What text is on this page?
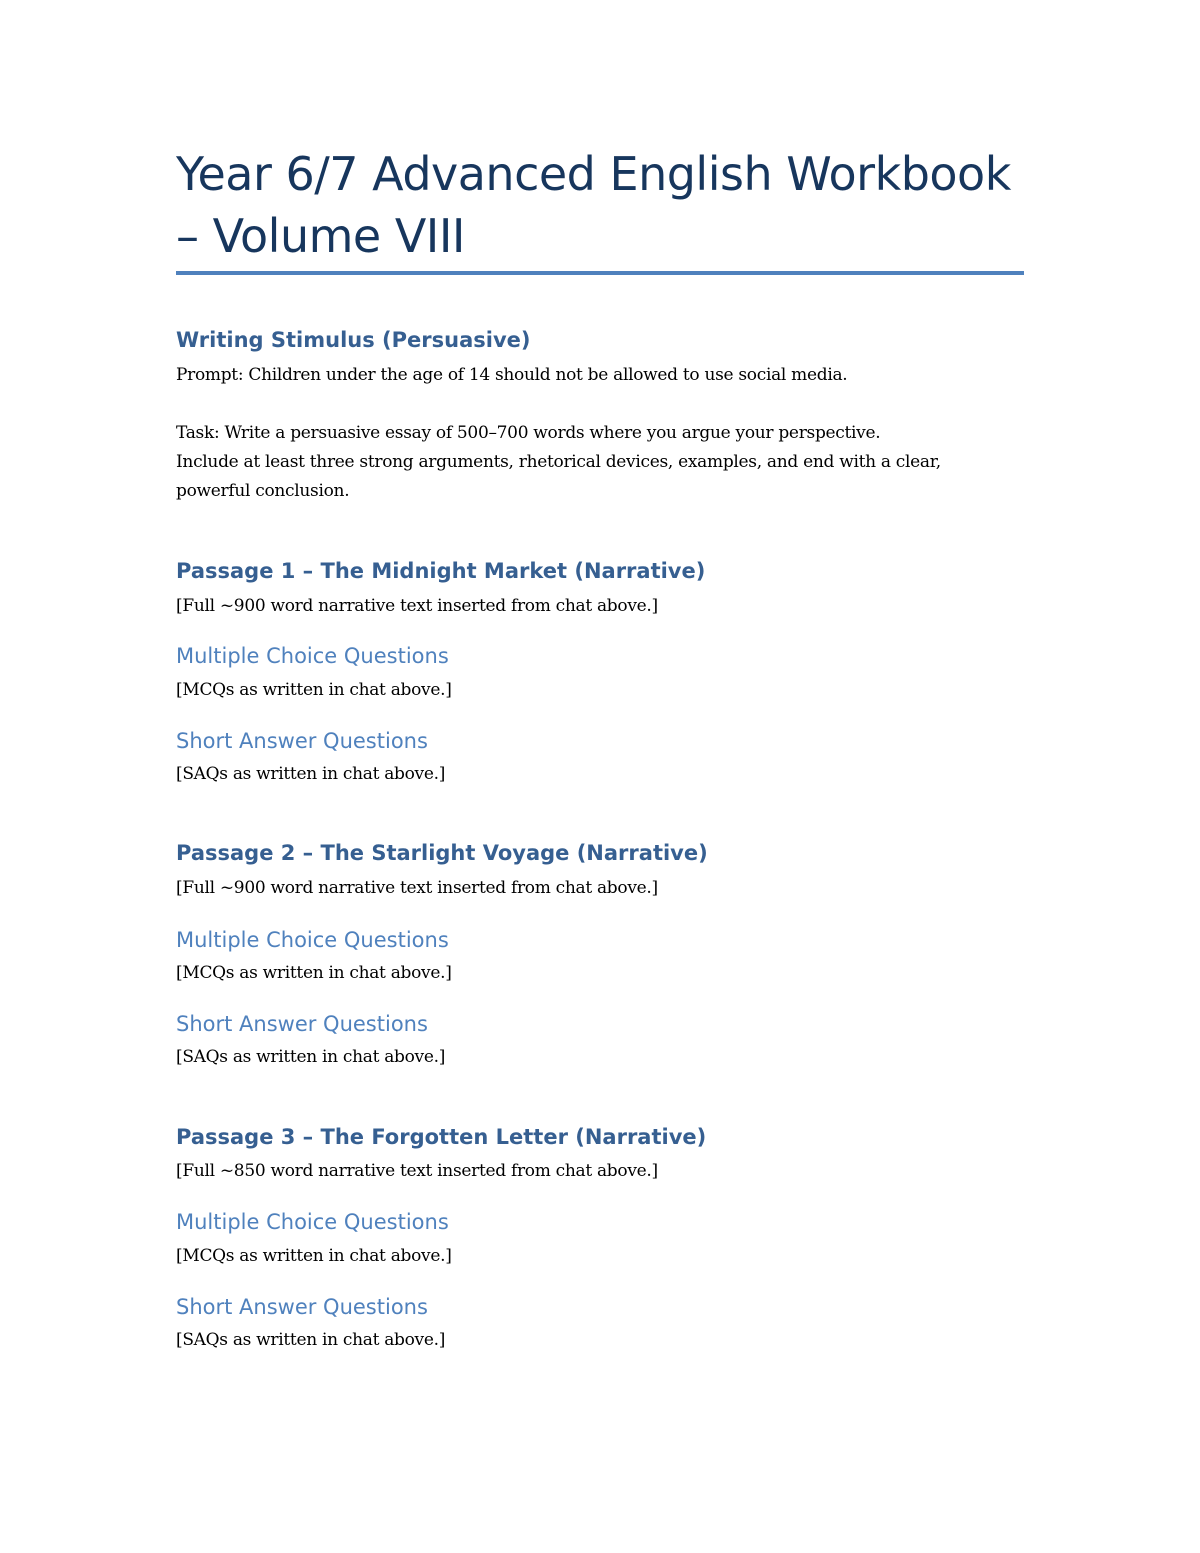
Year 6/7 Advanced English Workbook – Volume VIII
Writing Stimulus (Persuasive)

Prompt: Children under the age of 14 should not be allowed to use social media.

Task: Write a persuasive essay of 500–700 words where you argue your perspective.

Include at least three strong arguments, rhetorical devices, examples, and end with a clear,

powerful conclusion.

Passage 1 – The Midnight Market (Narrative)

[Full ~900 word narrative text inserted from chat above.]

Multiple Choice Questions

[MCQs as written in chat above.]

Short Answer Questions

[SAQs as written in chat above.]

Passage 2 – The Starlight Voyage (Narrative)

[Full ~900 word narrative text inserted from chat above.]

Multiple Choice Questions

[MCQs as written in chat above.]

Short Answer Questions

[SAQs as written in chat above.]

Passage 3 – The Forgotten Letter (Narrative)

[Full ~850 word narrative text inserted from chat above.]

Multiple Choice Questions

[MCQs as written in chat above.]

Short Answer Questions

[SAQs as written in chat above.]
